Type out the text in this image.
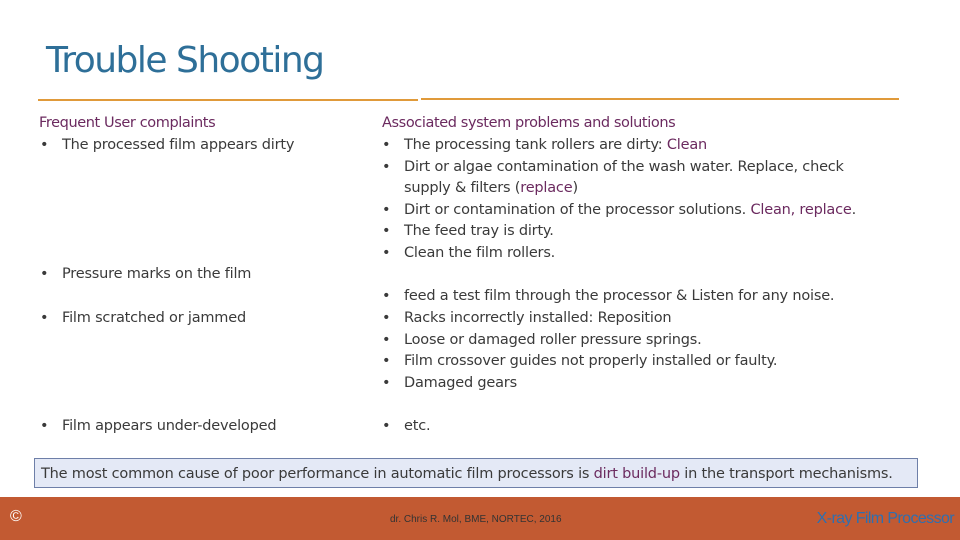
Trouble Shooting
Frequent User complaints
• The processed film appears dirty
• Pressure marks on the film
• Film scratched or jammed
• Film appears under-developed
Associated system problems and solutions
• The processing tank rollers are dirty: Clean
• Dirt or algae contamination of the wash water. Replace, check
supply & filters (replace)
• Dirt or contamination of the processor solutions. Clean, replace.
• The feed tray is dirty.
• Clean the film rollers.
• feed a test film through the processor & Listen for any noise.
• Racks incorrectly installed: Reposition
• Loose or damaged roller pressure springs.
• Film crossover guides not properly installed or faulty.
• Damaged gears
• etc.
The most common cause of poor performance in automatic film processors is dirt build-up in the transport mechanisms.
©	dr. Chris R. Mol, BME, NORTEC, 2016	X-ray Film Processor
